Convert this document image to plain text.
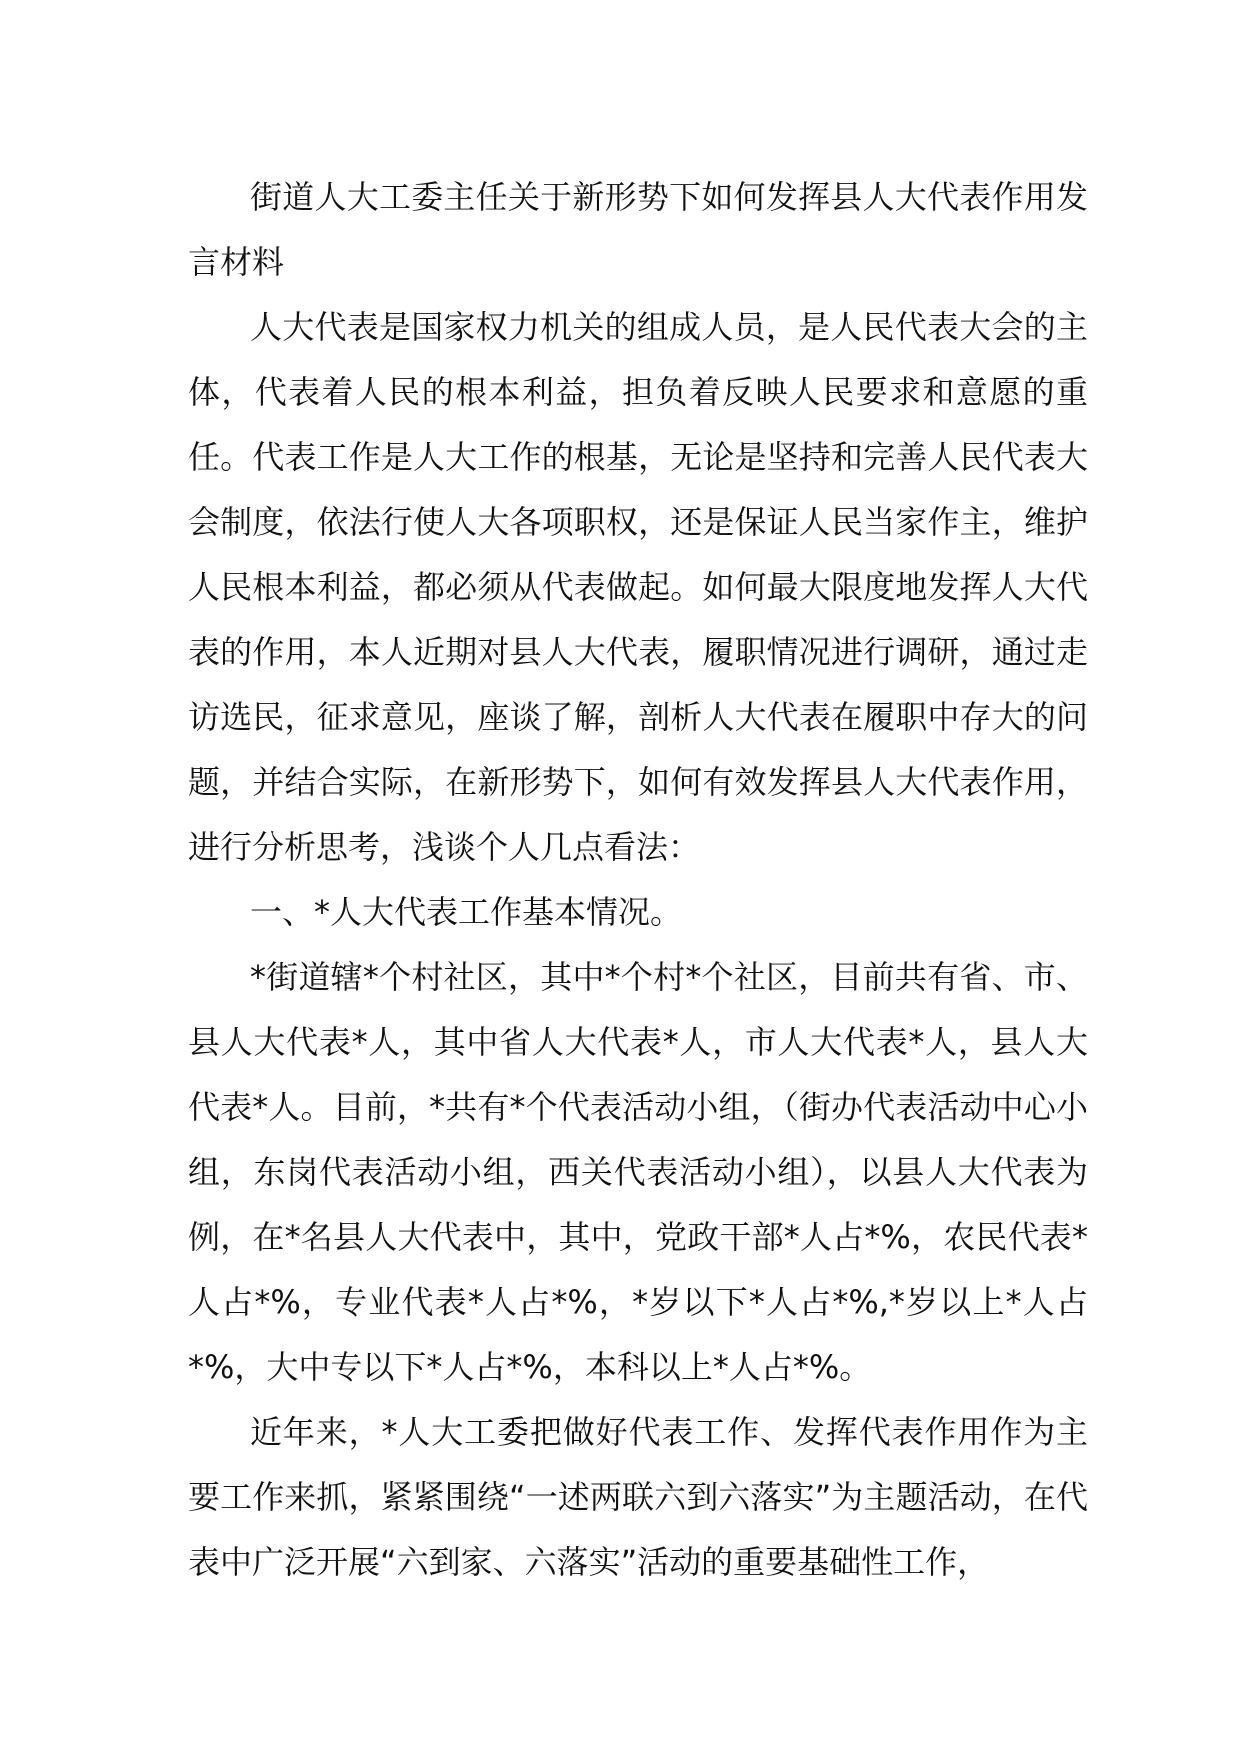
街道人大工委主任关于新形势下如何发挥县人大代表作用发言材料

人大代表是国家权力机关的组成人员，是人民代表大会的主体，代表着人民的根本利益，担负着反映人民要求和意愿的重任。代表工作是人大工作的根基，无论是坚持和完善人民代表大会制度，依法行使人大各项职权，还是保证人民当家作主，维护人民根本利益，都必须从代表做起。如何最大限度地发挥人大代表的作用，本人近期对县人大代表，履职情况进行调研，通过走访选民，征求意见，座谈了解，剖析人大代表在履职中存大的问题，并结合实际，在新形势下，如何有效发挥县人大代表作用，进行分析思考，浅谈个人几点看法：

一、*人大代表工作基本情况。

*街道辖*个村社区，其中*个村*个社区，目前共有省、市、县人大代表*人，其中省人大代表*人，市人大代表*人，县人大代表*人。目前，*共有*个代表活动小组，（街办代表活动中心小组，东岗代表活动小组，西关代表活动小组），以县人大代表为例，在*名县人大代表中，其中，党政干部*人占*%，农民代表*人占*%，专业代表*人占*%，*岁以下*人占*%,*岁以上*人占*%，大中专以下*人占*%，本科以上*人占*%。

近年来，*人大工委把做好代表工作、发挥代表作用作为主要工作来抓，紧紧围绕“一述两联六到六落实”为主题活动，在代表中广泛开展“六到家、六落实”活动的重要基础性工作，
